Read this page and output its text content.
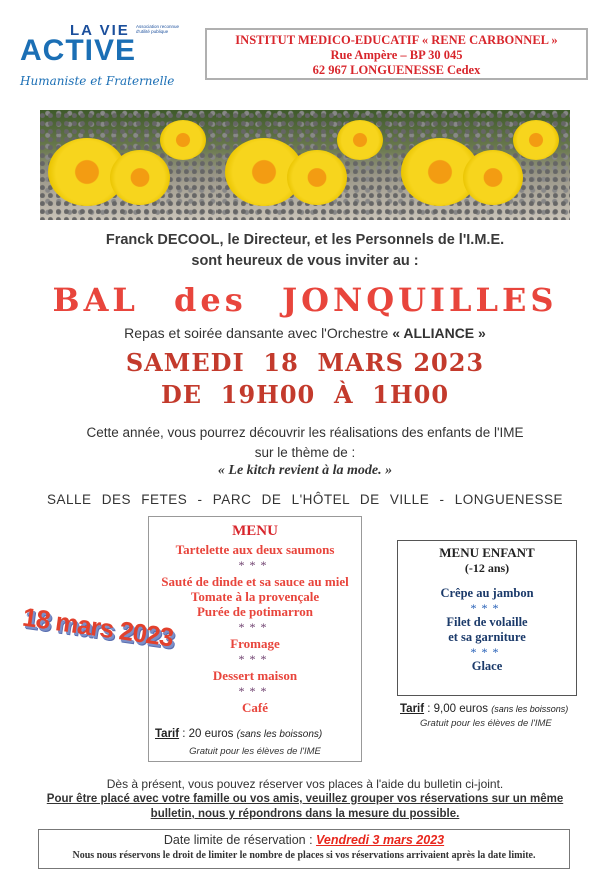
LA VIE Association reconnue d'utilité publique
ACTIVE
Humaniste et Fraternelle
INSTITUT MEDICO-EDUCATIF « RENE CARBONNEL »
Rue Ampère – BP 30 045
62 967 LONGUENESSE Cedex
Franck DECOOL, le Directeur, et les Personnels de l'I.M.E.
sont heureux de vous inviter au :
BAL des JONQUILLES
Repas et soirée dansante avec l'Orchestre « ALLIANCE »
SAMEDI  18  MARS 2023
DE  19H00  À  1H00
Cette année, vous pourrez découvrir les réalisations des enfants de l'IME
sur le thème de :
« Le kitch revient à la mode. »
SALLE DES FETES - PARC DE L'HÔTEL DE VILLE - LONGUENESSE
MENU
Tartelette aux deux saumons
***
Sauté de dinde et sa sauce au miel
Tomate à la provençale
Purée de potimarron
***
Fromage
***
Dessert maison
***
Café
Tarif : 20 euros (sans les boissons)
Gratuit pour les élèves de l'IME
18 mars 2023
MENU ENFANT
(-12 ans)
Crêpe au jambon
***
Filet de volaille
et sa garniture
***
Glace
Tarif : 9,00 euros (sans les boissons)
Gratuit pour les élèves de l'IME
Dès à présent, vous pouvez réserver vos places à l'aide du bulletin ci-joint.
Pour être placé avec votre famille ou vos amis, veuillez grouper vos réservations sur un même
bulletin, nous y répondrons dans la mesure du possible.
Date limite de réservation : Vendredi 3 mars 2023
Nous nous réservons le droit de limiter le nombre de places si vos réservations arrivaient après la date limite.
